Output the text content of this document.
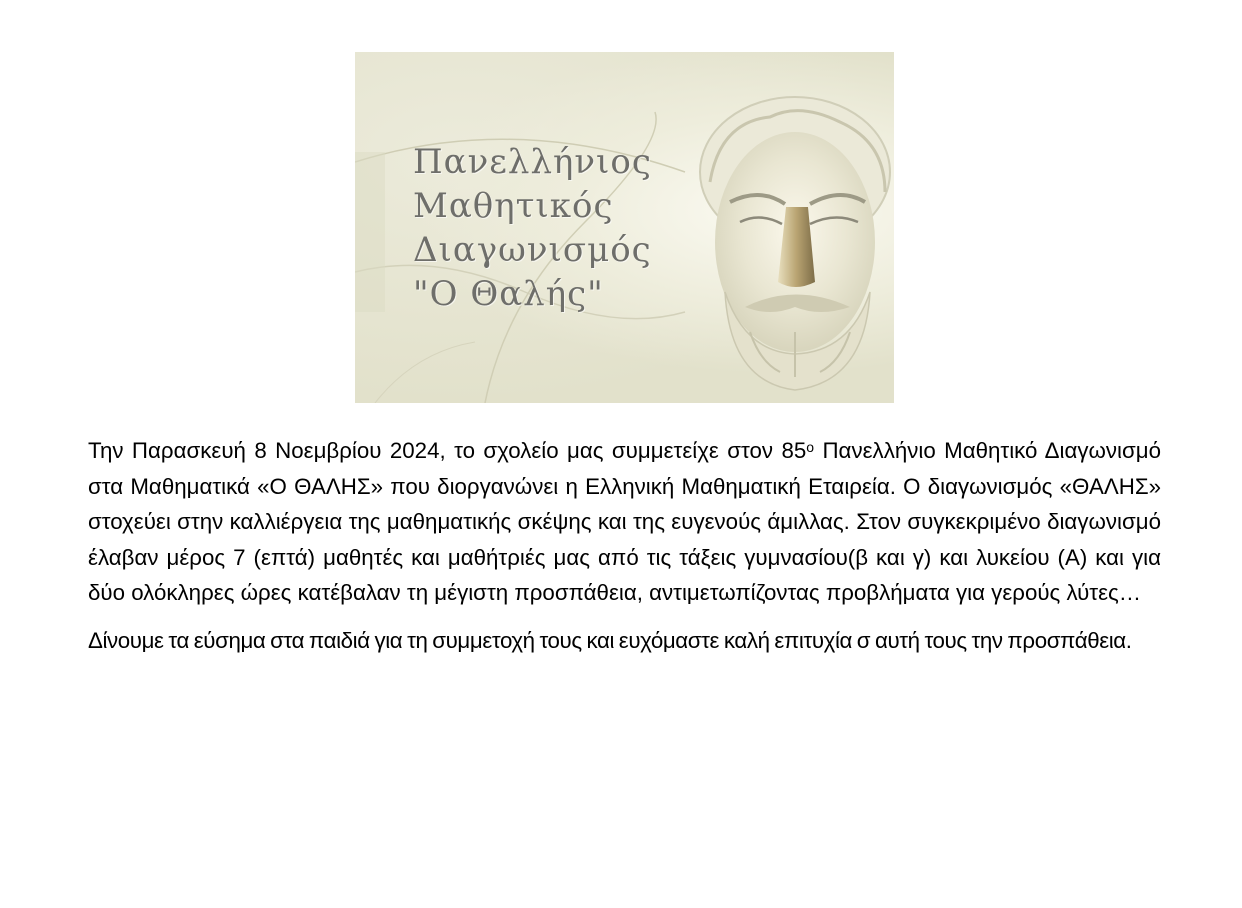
Πανελλήνιος
Μαθητικός
Διαγωνισμός
"Ο Θαλής"

Την Παρασκευή 8 Νοεμβρίου 2024, το σχολείο μας συμμετείχε στον $85^o$ Πανελλήνιο Μαθητικό Διαγωνισμό στα Μαθηματικά «Ο ΘΑΛΗΣ» που διοργανώνει η Ελληνική Μαθηματική Εταιρεία. Ο διαγωνισμός «ΘΑΛΗΣ» στοχεύει στην καλλιέργεια της μαθηματικής σκέψης και της ευγενούς άμιλλας. Στον συγκεκριμένο διαγωνισμό έλαβαν μέρος 7 (επτά) μαθητές και μαθήτριές μας από τις τάξεις γυμνασίου(β και γ) και λυκείου (Α) και για δύο ολόκληρες ώρες κατέβαλαν τη μέγιστη προσπάθεια, αντιμετωπίζοντας προβλήματα για γερούς λύτες…

Δίνουμε τα εύσημα στα παιδιά για τη συμμετοχή τους και ευχόμαστε καλή επιτυχία σ αυτή τους την προσπάθεια.
